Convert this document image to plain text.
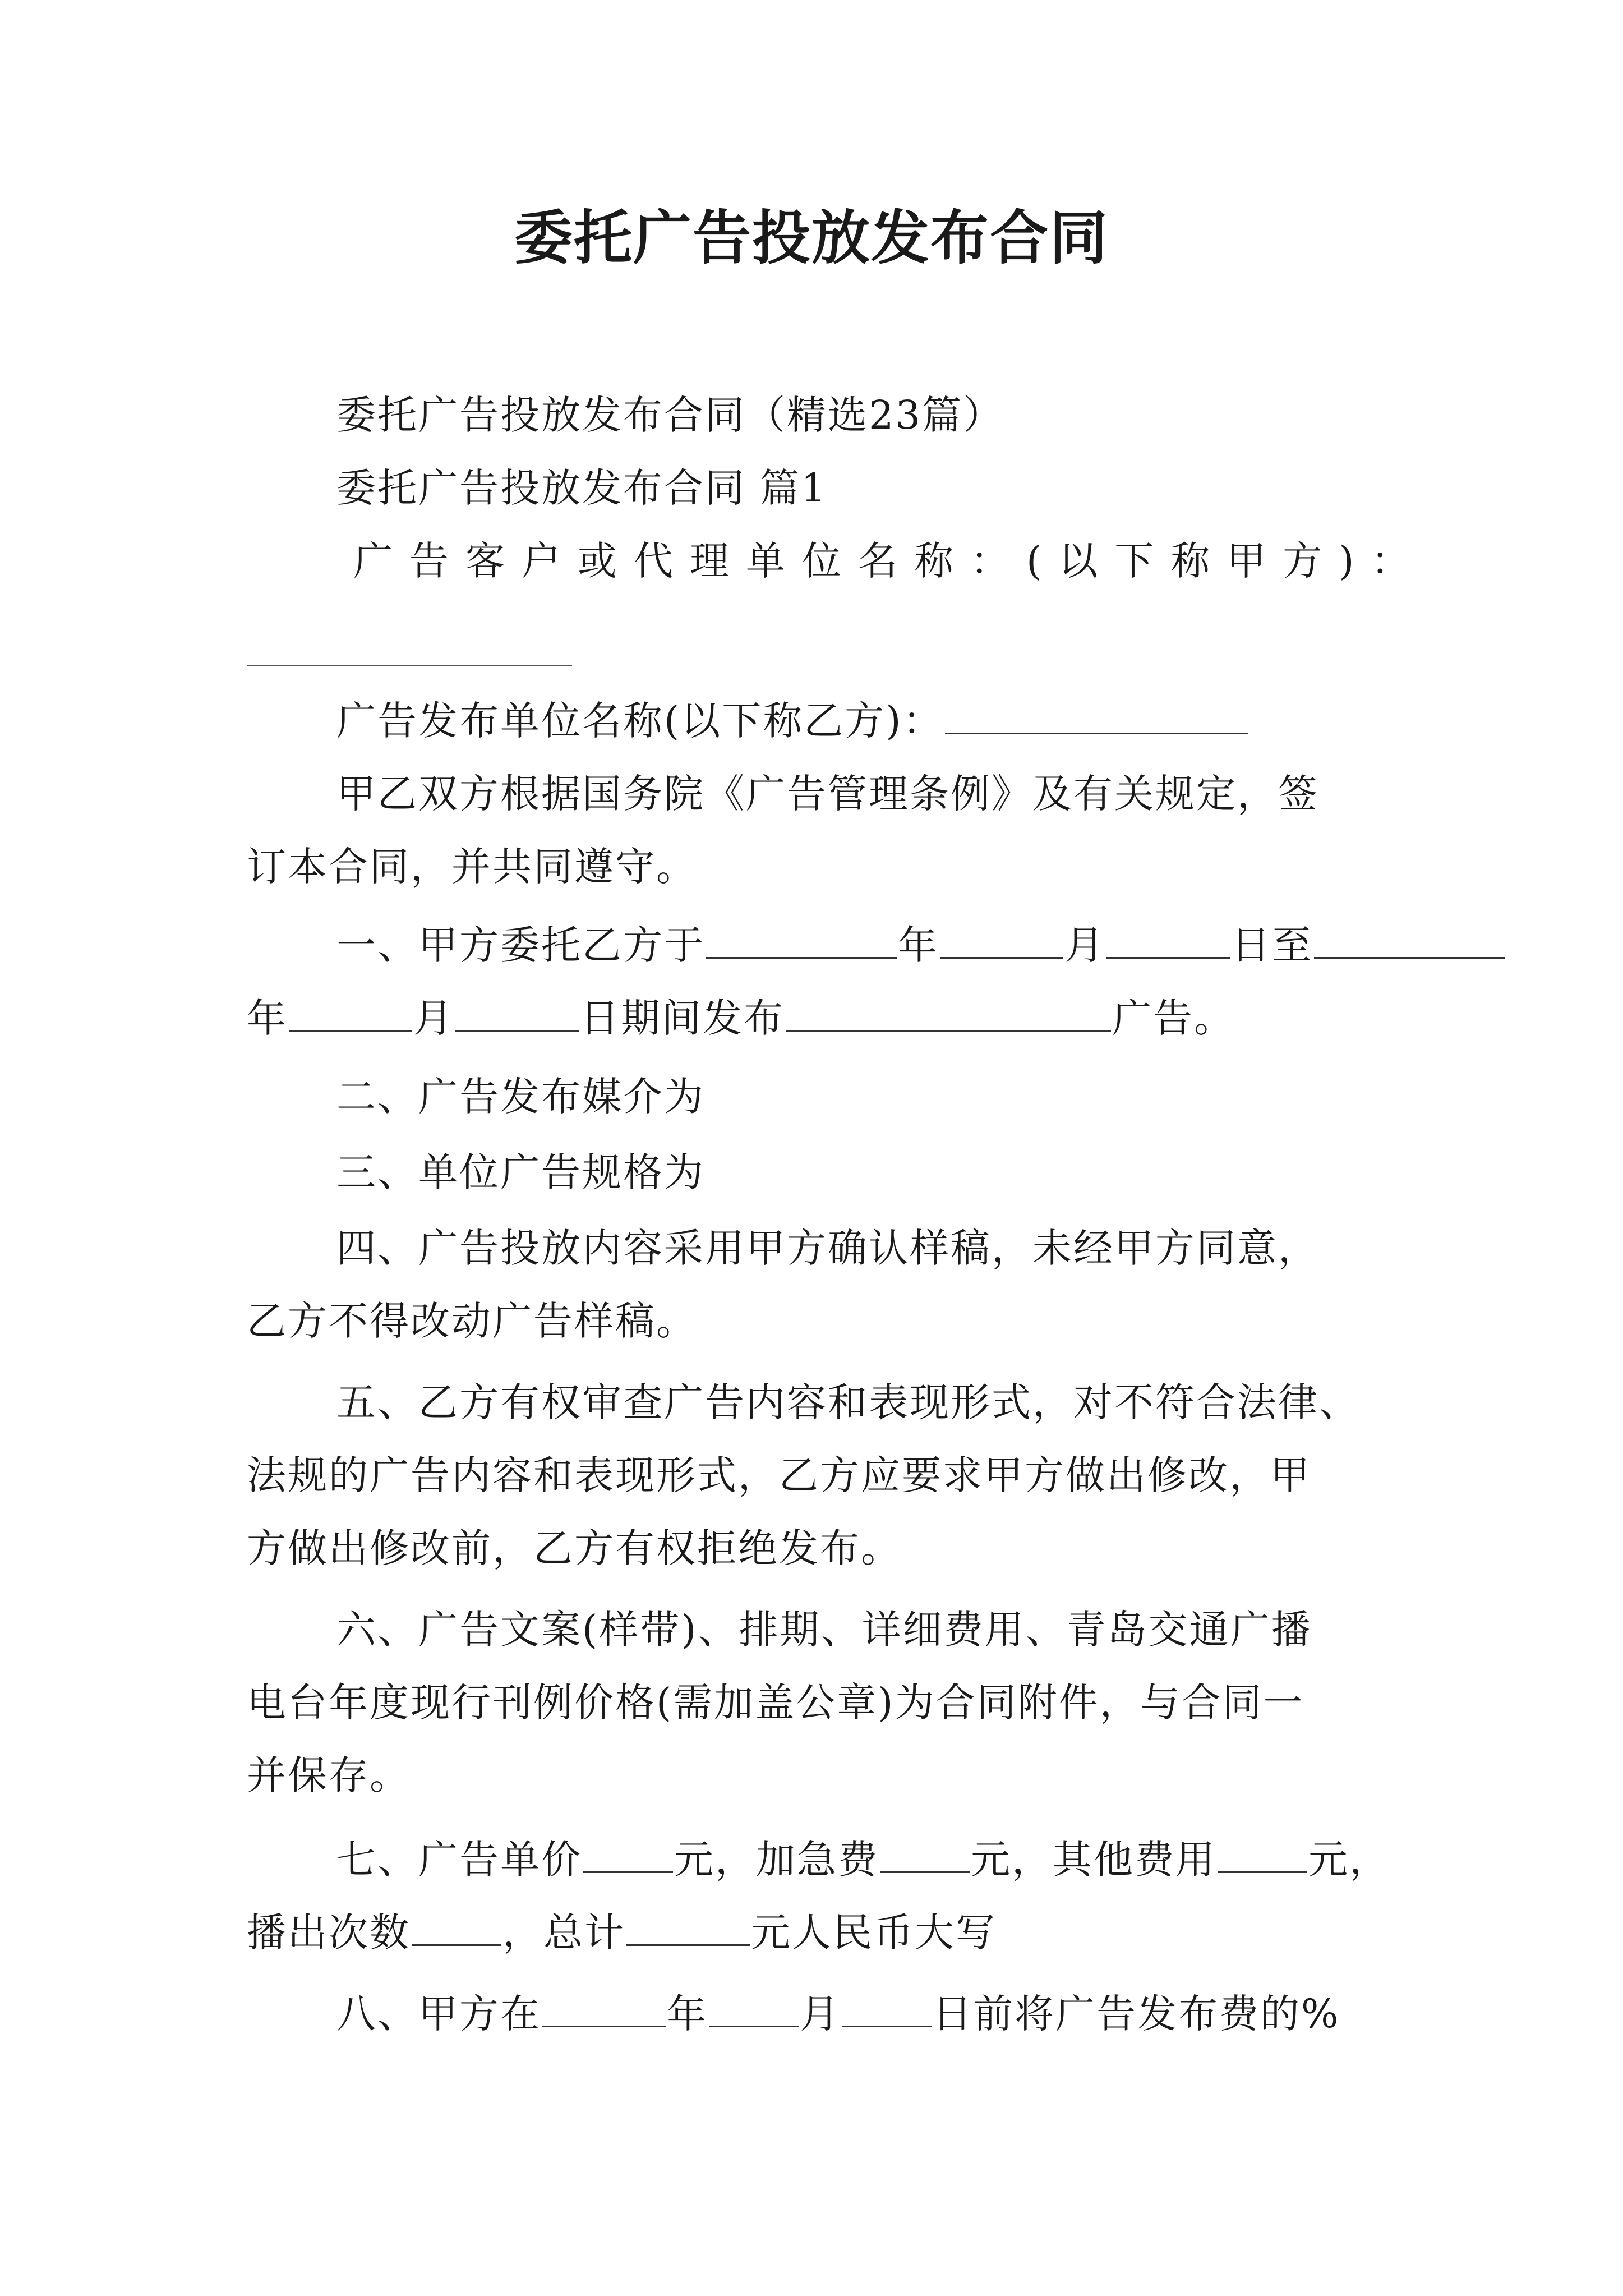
委托广告投放发布合同
委托广告投放发布合同（精选23篇）
委托广告投放发布合同 篇1
广告客户或代理单位名称：(以下称甲方)：
广告发布单位名称(以下称乙方)：
甲乙双方根据国务院《广告管理条例》及有关规定，签
订本合同，并共同遵守。
一、甲方委托乙方于	年	月	日至
年	月	日期间发布	广告。
二、广告发布媒介为
三、单位广告规格为
四、广告投放内容采用甲方确认样稿，未经甲方同意，
乙方不得改动广告样稿。
五、乙方有权审查广告内容和表现形式，对不符合法律、
法规的广告内容和表现形式，乙方应要求甲方做出修改，甲
方做出修改前，乙方有权拒绝发布。
六、广告文案(样带)、排期、详细费用、青岛交通广播
电台年度现行刊例价格(需加盖公章)为合同附件，与合同一
并保存。
七、广告单价 元，加急费 元，其他费用 元，
播出次数 ，总计	元人民币大写
八、甲方在	年 月 日前将广告发布费的%
